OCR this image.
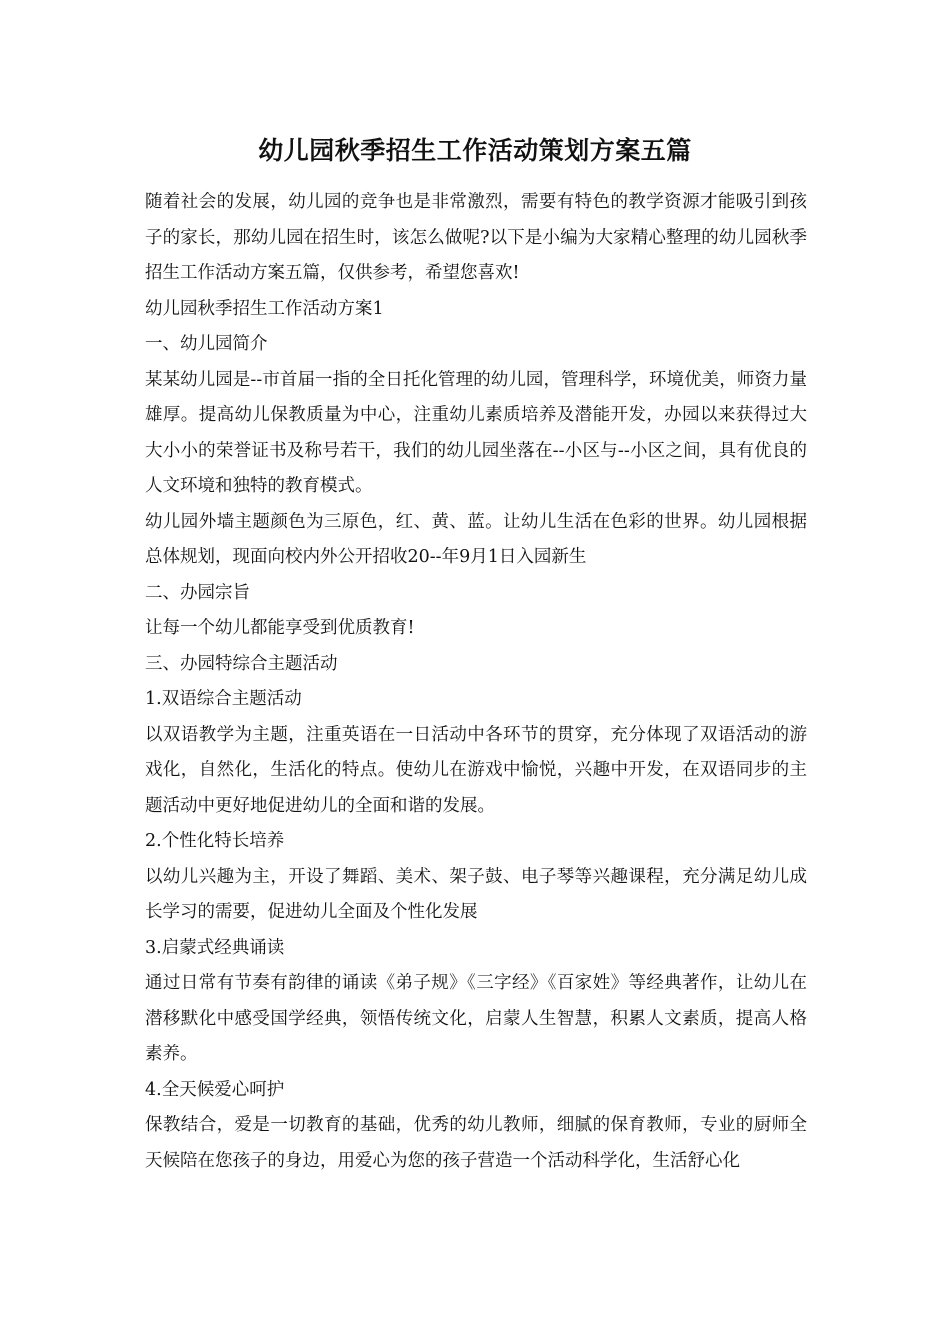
幼儿园秋季招生工作活动策划方案五篇

随着社会的发展，幼儿园的竞争也是非常激烈，需要有特色的教学资源才能吸引到孩子的家长，那幼儿园在招生时，该怎么做呢?以下是小编为大家精心整理的幼儿园秋季招生工作活动方案五篇，仅供参考，希望您喜欢!

幼儿园秋季招生工作活动方案1

一、幼儿园简介

某某幼儿园是--市首届一指的全日托化管理的幼儿园，管理科学，环境优美，师资力量雄厚。提高幼儿保教质量为中心，注重幼儿素质培养及潜能开发，办园以来获得过大大小小的荣誉证书及称号若干，我们的幼儿园坐落在--小区与--小区之间，具有优良的人文环境和独特的教育模式。

幼儿园外墙主题颜色为三原色，红、黄、蓝。让幼儿生活在色彩的世界。幼儿园根据总体规划，现面向校内外公开招收20--年9月1日入园新生

二、办园宗旨

让每一个幼儿都能享受到优质教育!

三、办园特综合主题活动

1.双语综合主题活动

以双语教学为主题，注重英语在一日活动中各环节的贯穿，充分体现了双语活动的游戏化，自然化，生活化的特点。使幼儿在游戏中愉悦，兴趣中开发，在双语同步的主题活动中更好地促进幼儿的全面和谐的发展。

2.个性化特长培养

以幼儿兴趣为主，开设了舞蹈、美术、架子鼓、电子琴等兴趣课程，充分满足幼儿成长学习的需要，促进幼儿全面及个性化发展

3.启蒙式经典诵读

通过日常有节奏有韵律的诵读《弟子规》《三字经》《百家姓》等经典著作，让幼儿在潜移默化中感受国学经典，领悟传统文化，启蒙人生智慧，积累人文素质，提高人格素养。

4.全天候爱心呵护

保教结合，爱是一切教育的基础，优秀的幼儿教师，细腻的保育教师，专业的厨师全天候陪在您孩子的身边，用爱心为您的孩子营造一个活动科学化，生活舒心化
